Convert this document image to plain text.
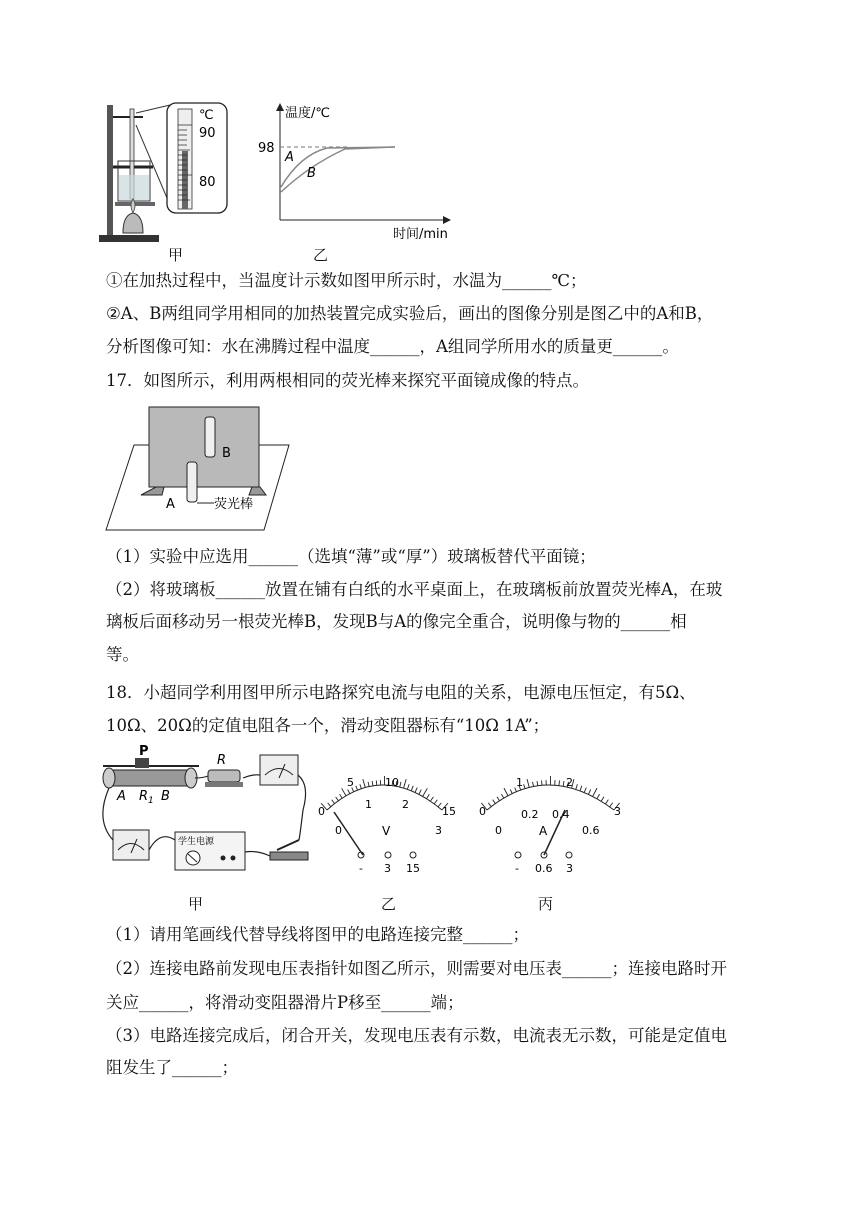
℃
90
80
温度/℃
时间/min
98
A
B
甲	乙
①在加热过程中，当温度计示数如图甲所示时，水温为______℃；
②A、B两组同学用相同的加热装置完成实验后，画出的图像分别是图乙中的A和B，
分析图像可知：水在沸腾过程中温度______，A组同学所用水的质量更______。
17．如图所示，利用两根相同的荧光棒来探究平面镜成像的特点。
B
A	荧光棒
（1）实验中应选用______（选填“薄”或“厚”）玻璃板替代平面镜；
（2）将玻璃板______放置在铺有白纸的水平桌面上，在玻璃板前放置荧光棒A，在玻
璃板后面移动另一根荧光棒B，发现B与A的像完全重合，说明像与物的______相
等。
18．小超同学利用图甲所示电路探究电流与电阻的关系，电源电压恒定，有5Ω、
10Ω、20Ω的定值电阻各一个，滑动变阻器标有“10Ω 1A”；
P
A	B
$R_1$
R
学生电源
0
5	10
15
0
1	2
3
V
- 3 15
0
1	2
3
0
0.2 0.4
0.6
A
- 0.6 3
甲	乙	丙
（1）请用笔画线代替导线将图甲的电路连接完整______；
（2）连接电路前发现电压表指针如图乙所示，则需要对电压表______；连接电路时开
关应______，将滑动变阻器滑片P移至______端；
（3）电路连接完成后，闭合开关，发现电压表有示数，电流表无示数，可能是定值电
阻发生了______；
